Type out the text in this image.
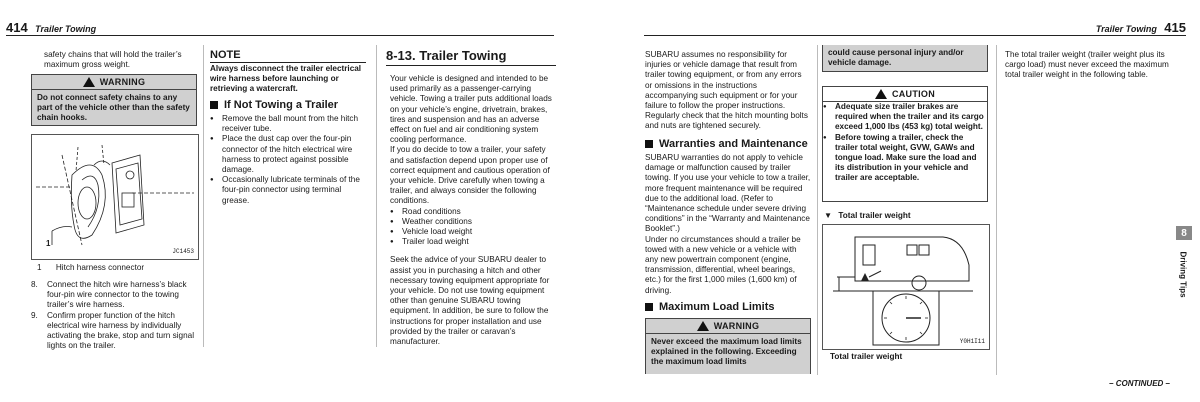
414 Trailer Towing	Trailer Towing 415
safety chains that will hold the trailer’s maximum gross weight.
WARNING
Do not connect safety chains to any part of the vehicle other than the safety chain hooks.
1
JC1453
1 Hitch harness connector
8. Connect the hitch wire harness’s black four-pin wire connector to the towing trailer’s wire harness.
9. Confirm proper function of the hitch electrical wire harness by individually activating the brake, stop and turn signal lights on the trailer.
NOTE
Always disconnect the trailer electrical wire harness before launching or retrieving a watercraft.
If Not Towing a Trailer
● Remove the ball mount from the hitch receiver tube.
● Place the dust cap over the four-pin connector of the hitch electrical wire harness to protect against possible damage.
● Occasionally lubricate terminals of the four-pin connector using terminal grease.
8-13. Trailer Towing
Your vehicle is designed and intended to be used primarily as a passenger-carrying vehicle. Towing a trailer puts additional loads on your vehicle’s engine, drivetrain, brakes, tires and suspension and has an adverse effect on fuel and air conditioning system cooling performance.
If you do decide to tow a trailer, your safety and satisfaction depend upon proper use of correct equipment and cautious operation of your vehicle. Drive carefully when towing a trailer, and always consider the following conditions.
● Road conditions
● Weather conditions
● Vehicle load weight
● Trailer load weight
Seek the advice of your SUBARU dealer to assist you in purchasing a hitch and other necessary towing equipment appropriate for your vehicle. Do not use towing equipment other than genuine SUBARU towing equipment. In addition, be sure to follow the instructions for proper installation and use provided by the trailer or caravan’s manufacturer.
SUBARU assumes no responsibility for injuries or vehicle damage that result from trailer towing equipment, or from any errors or omissions in the instructions accompanying such equipment or for your failure to follow the proper instructions. Regularly check that the hitch mounting bolts and nuts are tightened securely.
Warranties and Maintenance
SUBARU warranties do not apply to vehicle damage or malfunction caused by trailer towing. If you use your vehicle to tow a trailer, more frequent maintenance will be required due to the additional load. (Refer to “Maintenance schedule under severe driving conditions” in the “Warranty and Maintenance Booklet”.)
Under no circumstances should a trailer be towed with a new vehicle or a vehicle with any new powertrain component (engine, transmission, differential, wheel bearings, etc.) for the first 1,000 miles (1,600 km) of driving.
Maximum Load Limits
WARNING
Never exceed the maximum load limits explained in the following. Exceeding the maximum load limits
could cause personal injury and/or vehicle damage.
CAUTION
● Adequate size trailer brakes are required when the trailer and its cargo exceed 1,000 lbs (453 kg) total weight.
● Before towing a trailer, check the trailer total weight, GVW, GAWs and tongue load. Make sure the load and its distribution in your vehicle and trailer are acceptable.
▼ Total trailer weight
Y0H1I11
Total trailer weight
The total trailer weight (trailer weight plus its cargo load) must never exceed the maximum total trailer weight in the following table.
8
Driving Tips
– CONTINUED –
